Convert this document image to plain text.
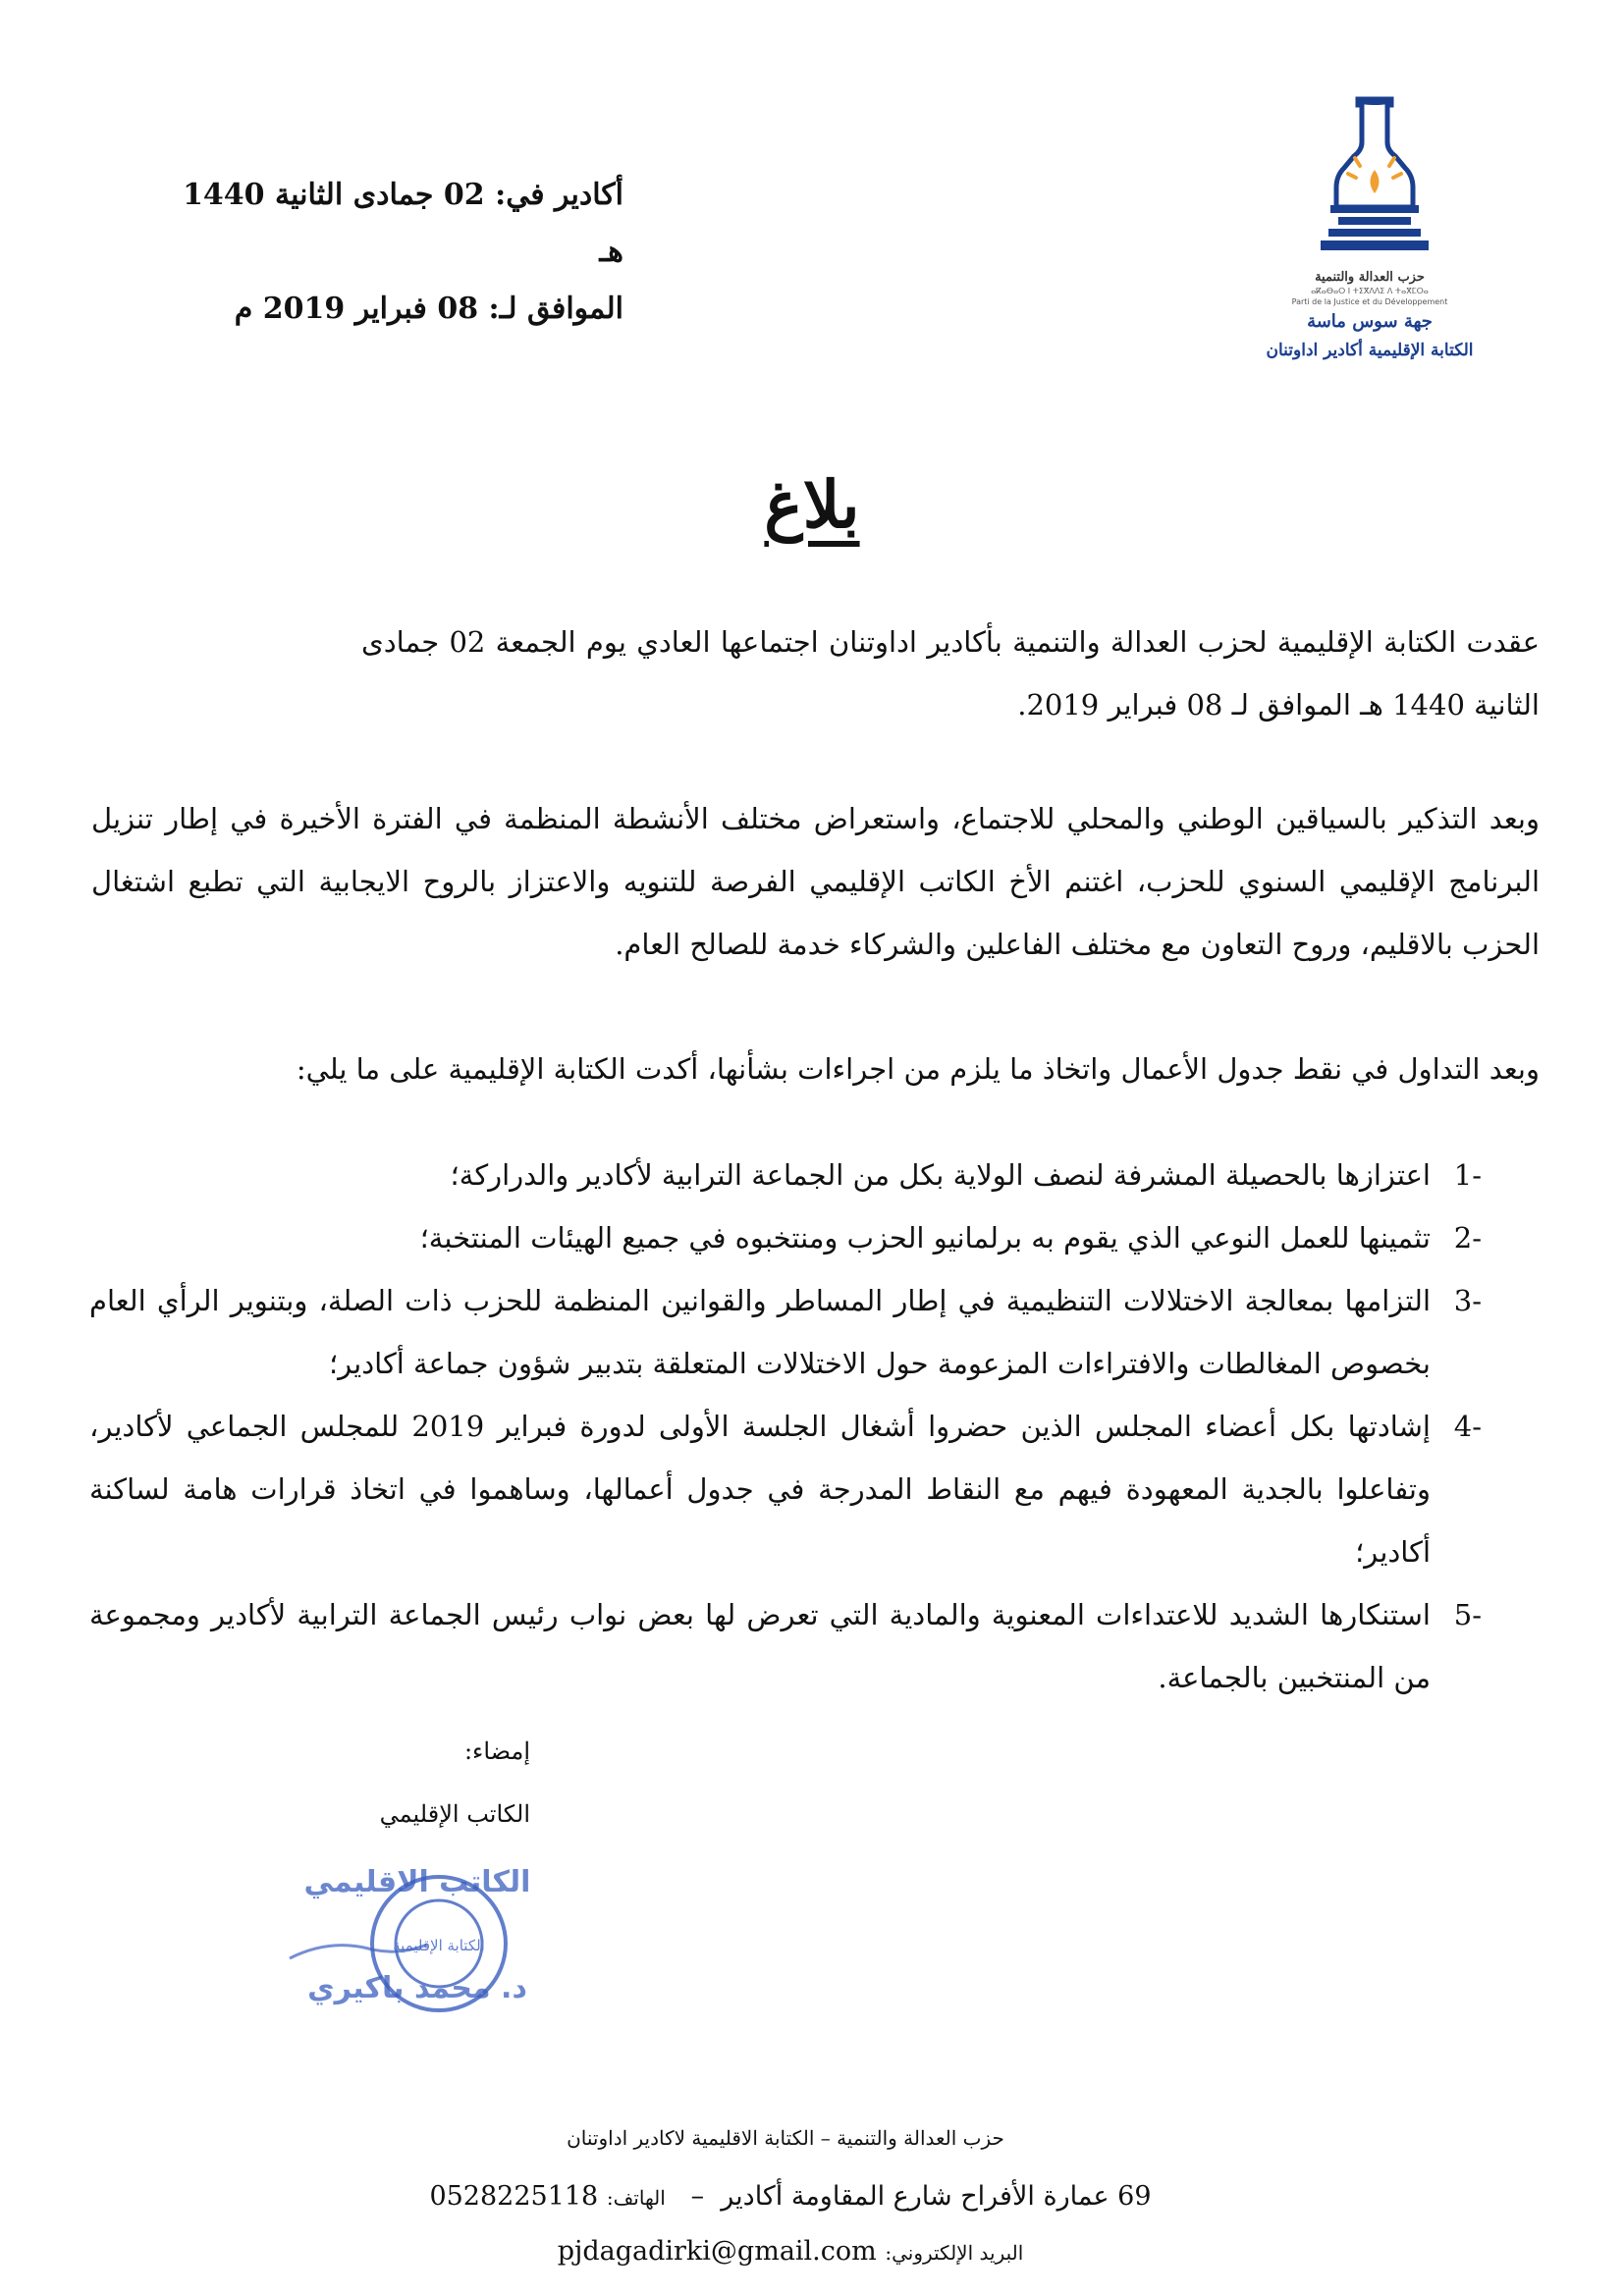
أكادير في: 02 جمادى الثانية 1440 هـ
الموافق لـ: 08 فبراير 2019 م
حزب العدالة والتنمية
ⴰⴽⴰⴱⴰⵔ ⵏ ⵜⵉⴳⴷⴷⵉ ⴷ ⵜⴰⴳⵎⵔⴰ
Parti de la Justice et du Développement
جهة سوس ماسة
الكتابة الإقليمية أكادير اداوتنان
بلاغ
عقدت الكتابة الإقليمية لحزب العدالة والتنمية بأكادير اداوتنان اجتماعها العادي يوم الجمعة 02 جمادى الثانية 1440 هـ الموافق لـ 08 فبراير 2019.
وبعد التذكير بالسياقين الوطني والمحلي للاجتماع، واستعراض مختلف الأنشطة المنظمة في الفترة الأخيرة في إطار تنزيل البرنامج الإقليمي السنوي للحزب، اغتنم الأخ الكاتب الإقليمي الفرصة للتنويه والاعتزاز بالروح الايجابية التي تطبع اشتغال الحزب بالاقليم، وروح التعاون مع مختلف الفاعلين والشركاء خدمة للصالح العام.
وبعد التداول في نقط جدول الأعمال واتخاذ ما يلزم من اجراءات بشأنها، أكدت الكتابة الإقليمية على ما يلي:
-1
اعتزازها بالحصيلة المشرفة لنصف الولاية بكل من الجماعة الترابية لأكادير والدراركة؛
-2
تثمينها للعمل النوعي الذي يقوم به برلمانيو الحزب ومنتخبوه في جميع الهيئات المنتخبة؛
-3
التزامها بمعالجة الاختلالات التنظيمية في إطار المساطر والقوانين المنظمة للحزب ذات الصلة، وبتنوير الرأي العام بخصوص المغالطات والافتراءات المزعومة حول الاختلالات المتعلقة بتدبير شؤون جماعة أكادير؛
-4
إشادتها بكل أعضاء المجلس الذين حضروا أشغال الجلسة الأولى لدورة فبراير 2019 للمجلس الجماعي لأكادير، وتفاعلوا بالجدية المعهودة فيهم مع النقاط المدرجة في جدول أعمالها، وساهموا في اتخاذ قرارات هامة لساكنة أكادير؛
-5
استنكارها الشديد للاعتداءات المعنوية والمادية التي تعرض لها بعض نواب رئيس الجماعة الترابية لأكادير ومجموعة من المنتخبين بالجماعة.
إمضاء:
الكاتب الإقليمي
الكاتب الاقليمي
د. محمد باكيري
الكتابة الإقليمية
حزب العدالة والتنمية – الكتابة الاقليمية لاكادير اداوتنان
69 عمارة الأفراح شارع المقاومة أكادير  –   الهاتف: 0528225118
البريد الإلكتروني: pjdagadirki@gmail.com
